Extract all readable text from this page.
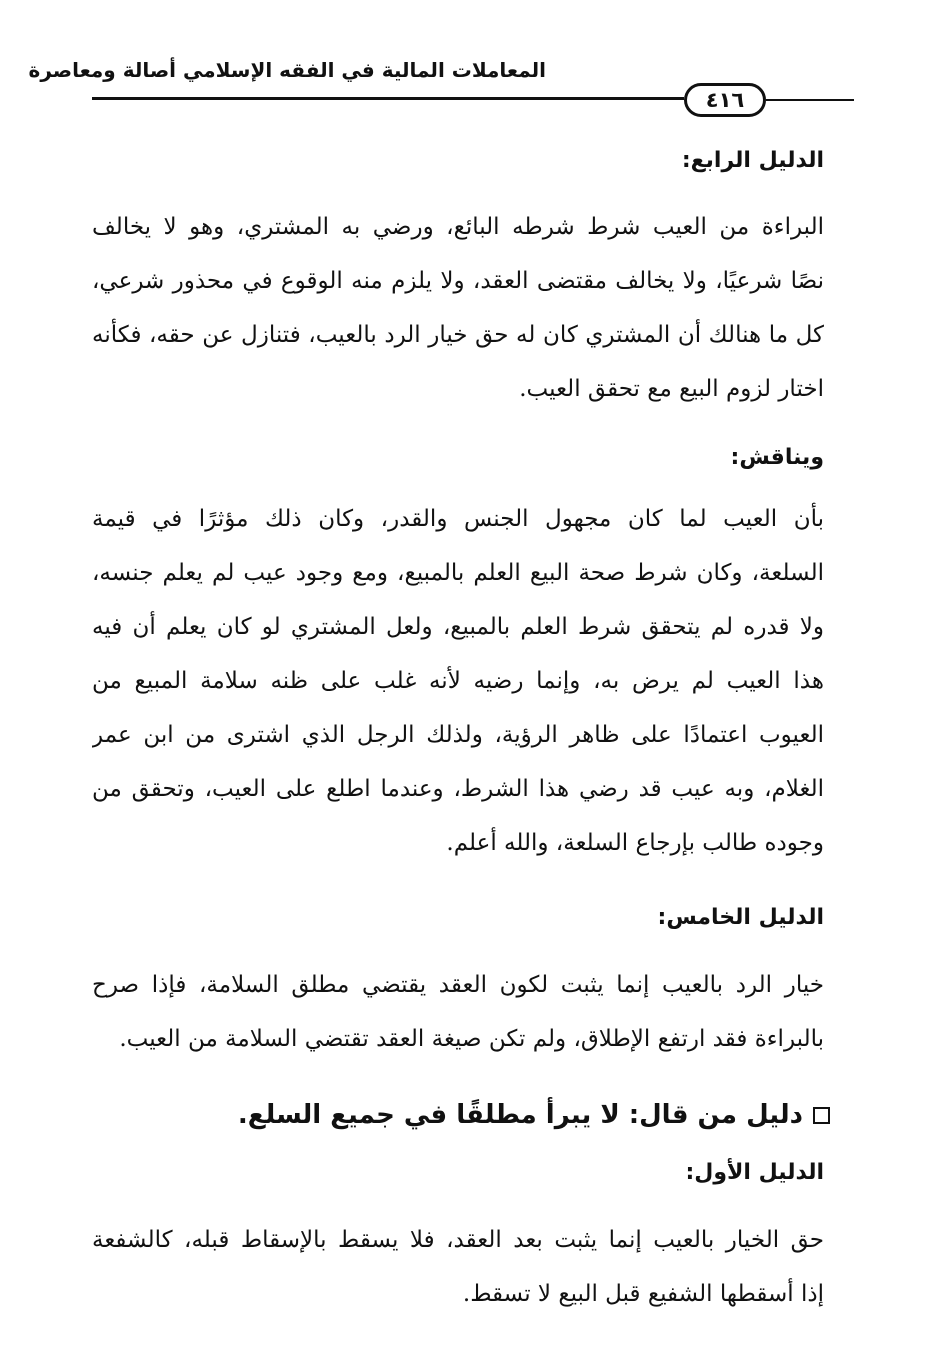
المعاملات المالية في الفقه الإسلامي أصالة ومعاصرة
٤١٦
الدليل الرابع:
البراءة من العيب شرط شرطه البائع، ورضي به المشتري، وهو لا يخالف
نصًا شرعيًا، ولا يخالف مقتضى العقد، ولا يلزم منه الوقوع في محذور شرعي،
كل ما هنالك أن المشتري كان له حق خيار الرد بالعيب، فتنازل عن حقه، فكأنه
اختار لزوم البيع مع تحقق العيب.
ويناقش:
بأن العيب لما كان مجهول الجنس والقدر، وكان ذلك مؤثرًا في قيمة
السلعة، وكان شرط صحة البيع العلم بالمبيع، ومع وجود عيب لم يعلم جنسه،
ولا قدره لم يتحقق شرط العلم بالمبيع، ولعل المشتري لو كان يعلم أن فيه
هذا العيب لم يرض به، وإنما رضيه لأنه غلب على ظنه سلامة المبيع من
العيوب اعتمادًا على ظاهر الرؤية، ولذلك الرجل الذي اشترى من ابن عمر
الغلام، وبه عيب قد رضي هذا الشرط، وعندما اطلع على العيب، وتحقق من
وجوده طالب بإرجاع السلعة، والله أعلم.
الدليل الخامس:
خيار الرد بالعيب إنما يثبت لكون العقد يقتضي مطلق السلامة، فإذا صرح
بالبراءة فقد ارتفع الإطلاق، ولم تكن صيغة العقد تقتضي السلامة من العيب.
دليل من قال: لا يبرأ مطلقًا في جميع السلع.
الدليل الأول:
حق الخيار بالعيب إنما يثبت بعد العقد، فلا يسقط بالإسقاط قبله، كالشفعة
إذا أسقطها الشفيع قبل البيع لا تسقط.
